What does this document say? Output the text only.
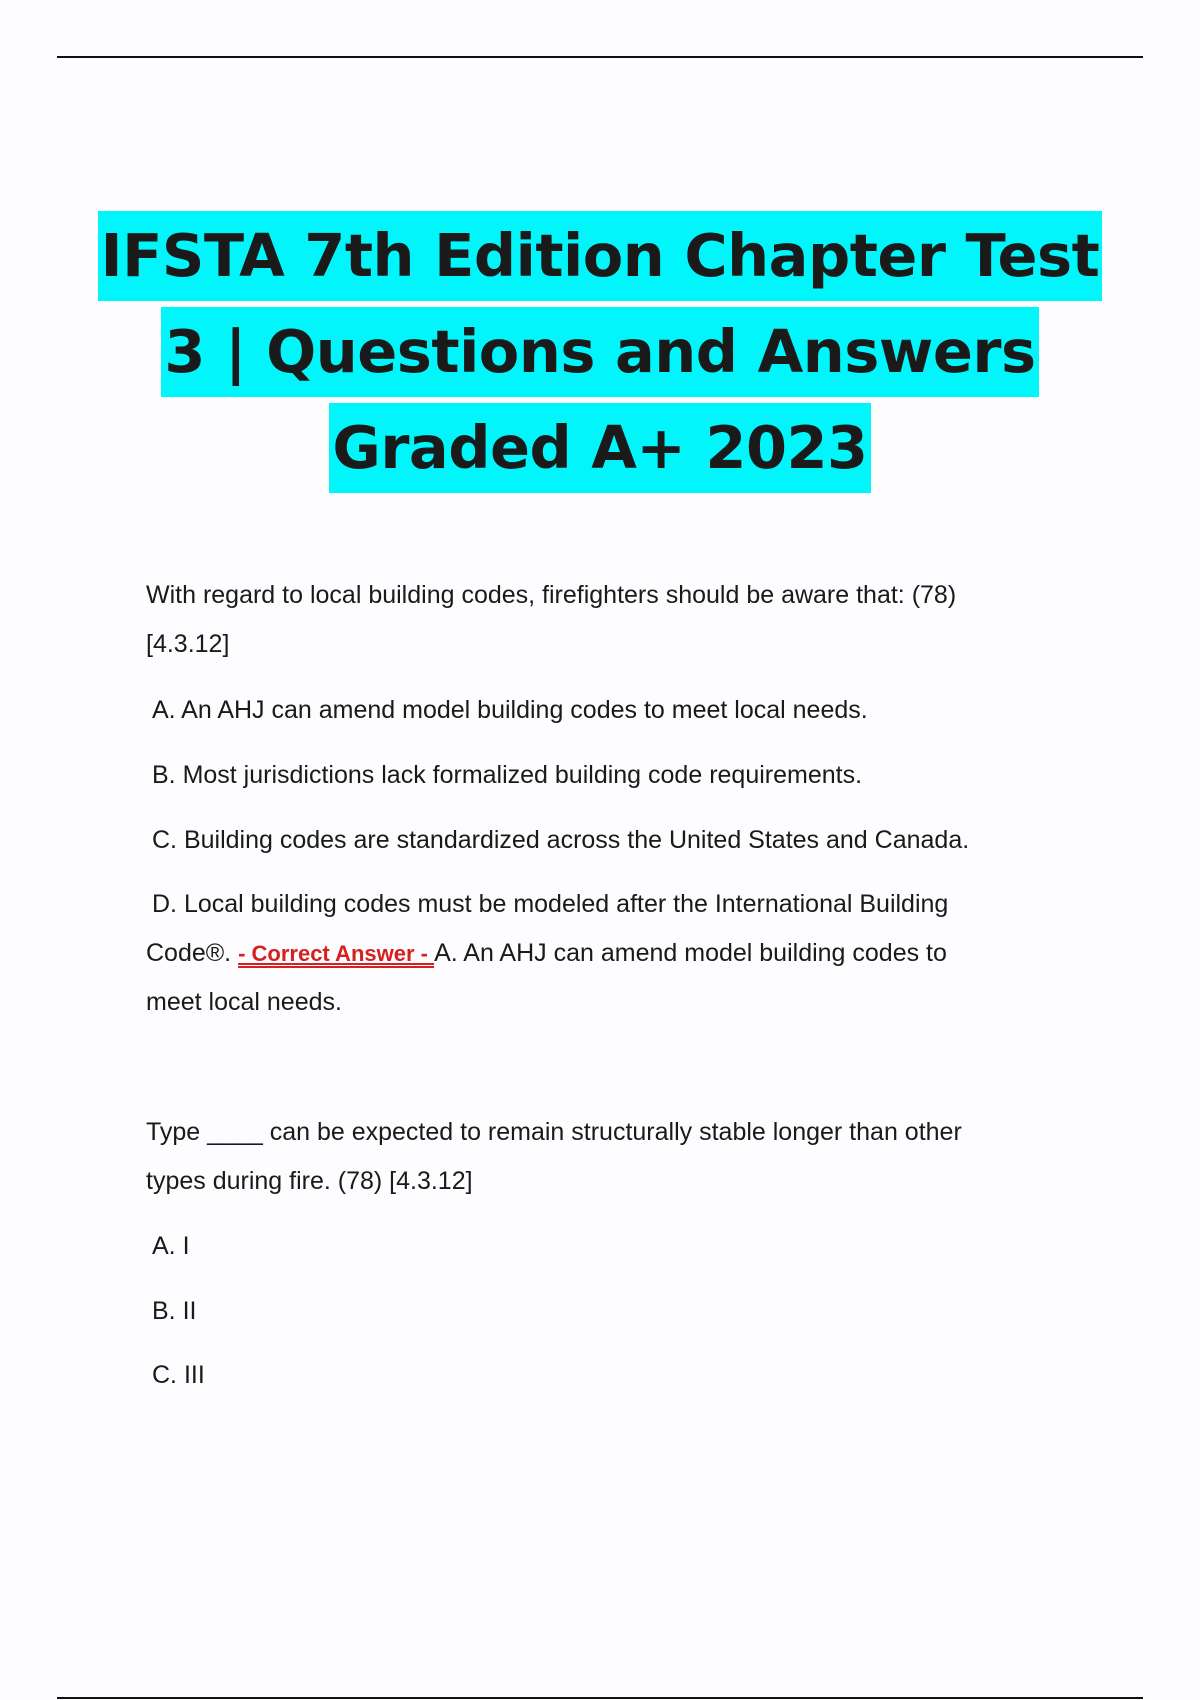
IFSTA 7th Edition Chapter Test
3 | Questions and Answers
Graded A+ 2023

With regard to local building codes, firefighters should be aware that: (78)

[4.3.12]

A. An AHJ can amend model building codes to meet local needs.

B. Most jurisdictions lack formalized building code requirements.

C. Building codes are standardized across the United States and Canada.

D. Local building codes must be modeled after the International Building

Code®. - Correct Answer - A. An AHJ can amend model building codes to

meet local needs.

Type ____ can be expected to remain structurally stable longer than other

types during fire. (78) [4.3.12]

A. I

B. II

C. III
